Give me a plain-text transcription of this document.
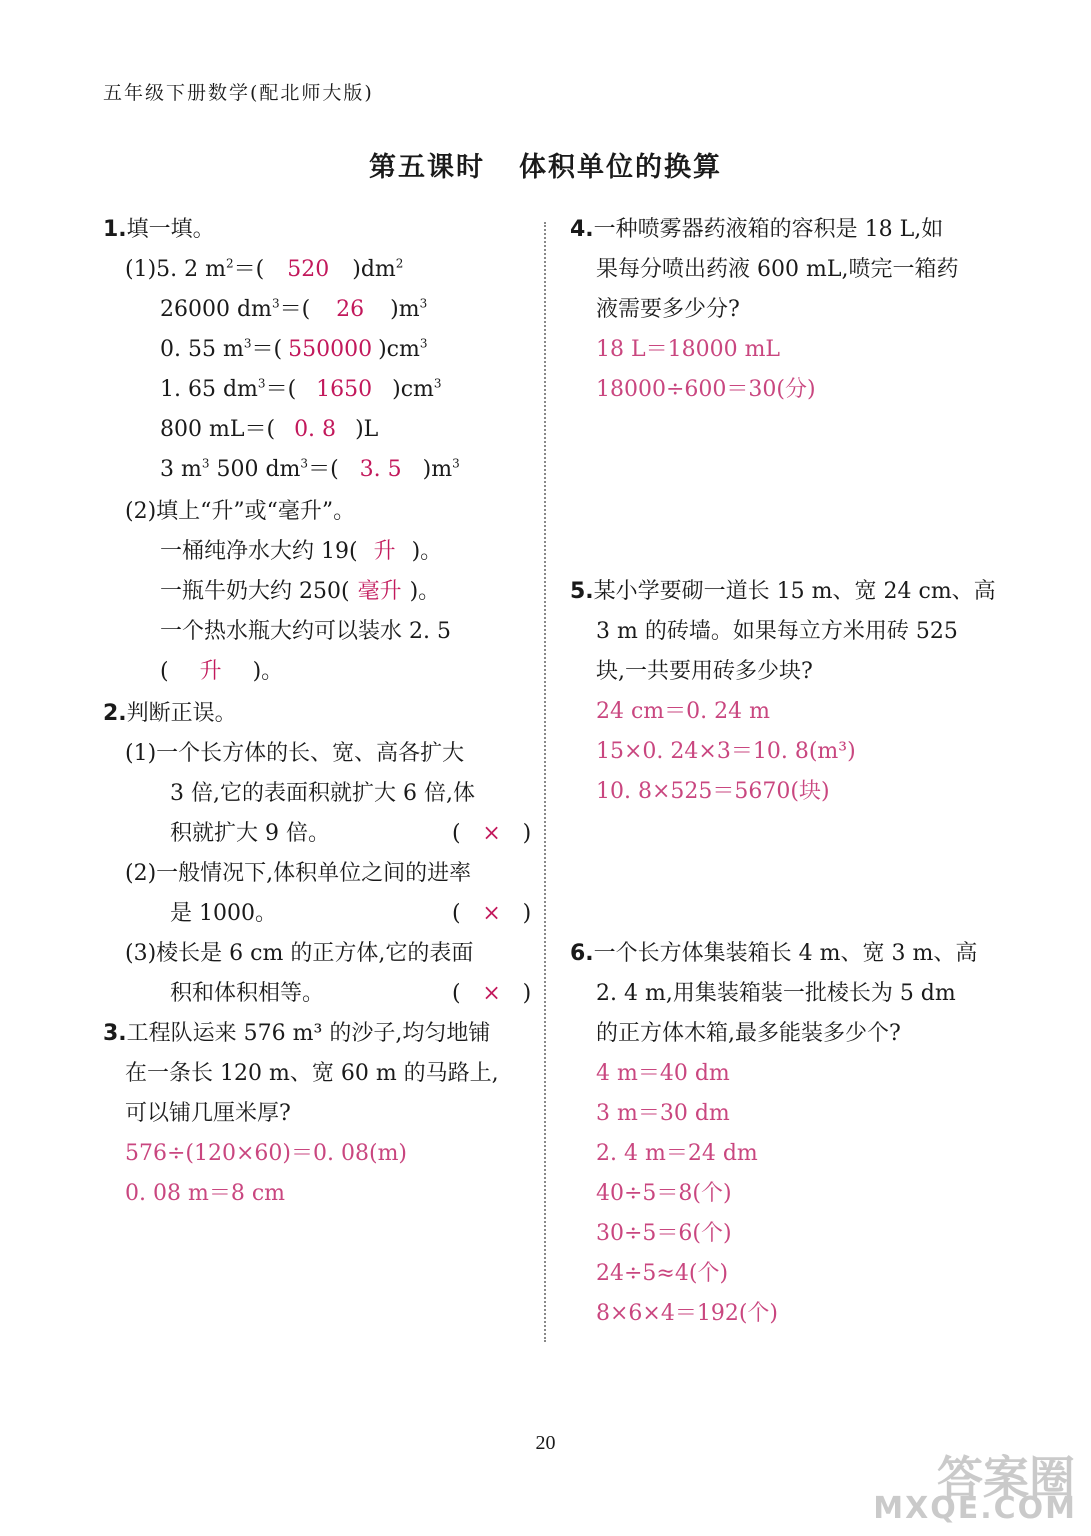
五年级下册数学(配北师大版)
第五课时 体积单位的换算
1.填一填。
(1)5. 2 $m^2=$( 520 )$dm^2$
26000 $dm^3=$( 26 )$m^3$
0. 55 $m^3=$( 550000 )$cm^3$
1. 65 $dm^3=$( 1650 )$cm^3$
800 mL＝( 0. 8 )L
3 $m^3$ 500 $dm^3=$( 3. 5 )$m^3$
(2)填上“升”或“毫升”。
一桶纯净水大约 19( 升 )。
一瓶牛奶大约 250( 毫升 )。
一个热水瓶大约可以装水 2. 5
( 升 )。
2.判断正误。
(1)一个长方体的长、宽、高各扩大
3 倍,它的表面积就扩大 6 倍,体
积就扩大 9 倍。	( × )
(2)一般情况下,体积单位之间的进率
是 1000。	( × )
(3)棱长是 6 cm 的正方体,它的表面
积和体积相等。	( × )
3.工程队运来 576 m³ 的沙子,均匀地铺
在一条长 120 m、宽 60 m 的马路上,
可以铺几厘米厚?
576÷(120×60)＝0. 08(m)
0. 08 m＝8 cm
4.一种喷雾器药液箱的容积是 18 L,如
果每分喷出药液 600 mL,喷完一箱药
液需要多少分?
18 L＝18000 mL
18000÷600＝30(分)
5.某小学要砌一道长 15 m、宽 24 cm、高
3 m 的砖墙。如果每立方米用砖 525
块,一共要用砖多少块?
24 cm＝0. 24 m
15×0. 24×3＝10. 8(m³)
10. 8×525＝5670(块)
6.一个长方体集装箱长 4 m、宽 3 m、高
2. 4 m,用集装箱装一批棱长为 5 dm
的正方体木箱,最多能装多少个?
4 m＝40 dm
3 m＝30 dm
2. 4 m＝24 dm
40÷5＝8(个)
30÷5＝6(个)
24÷5≈4(个)
8×6×4＝192(个)
20
答案圈
MXQE.COM
